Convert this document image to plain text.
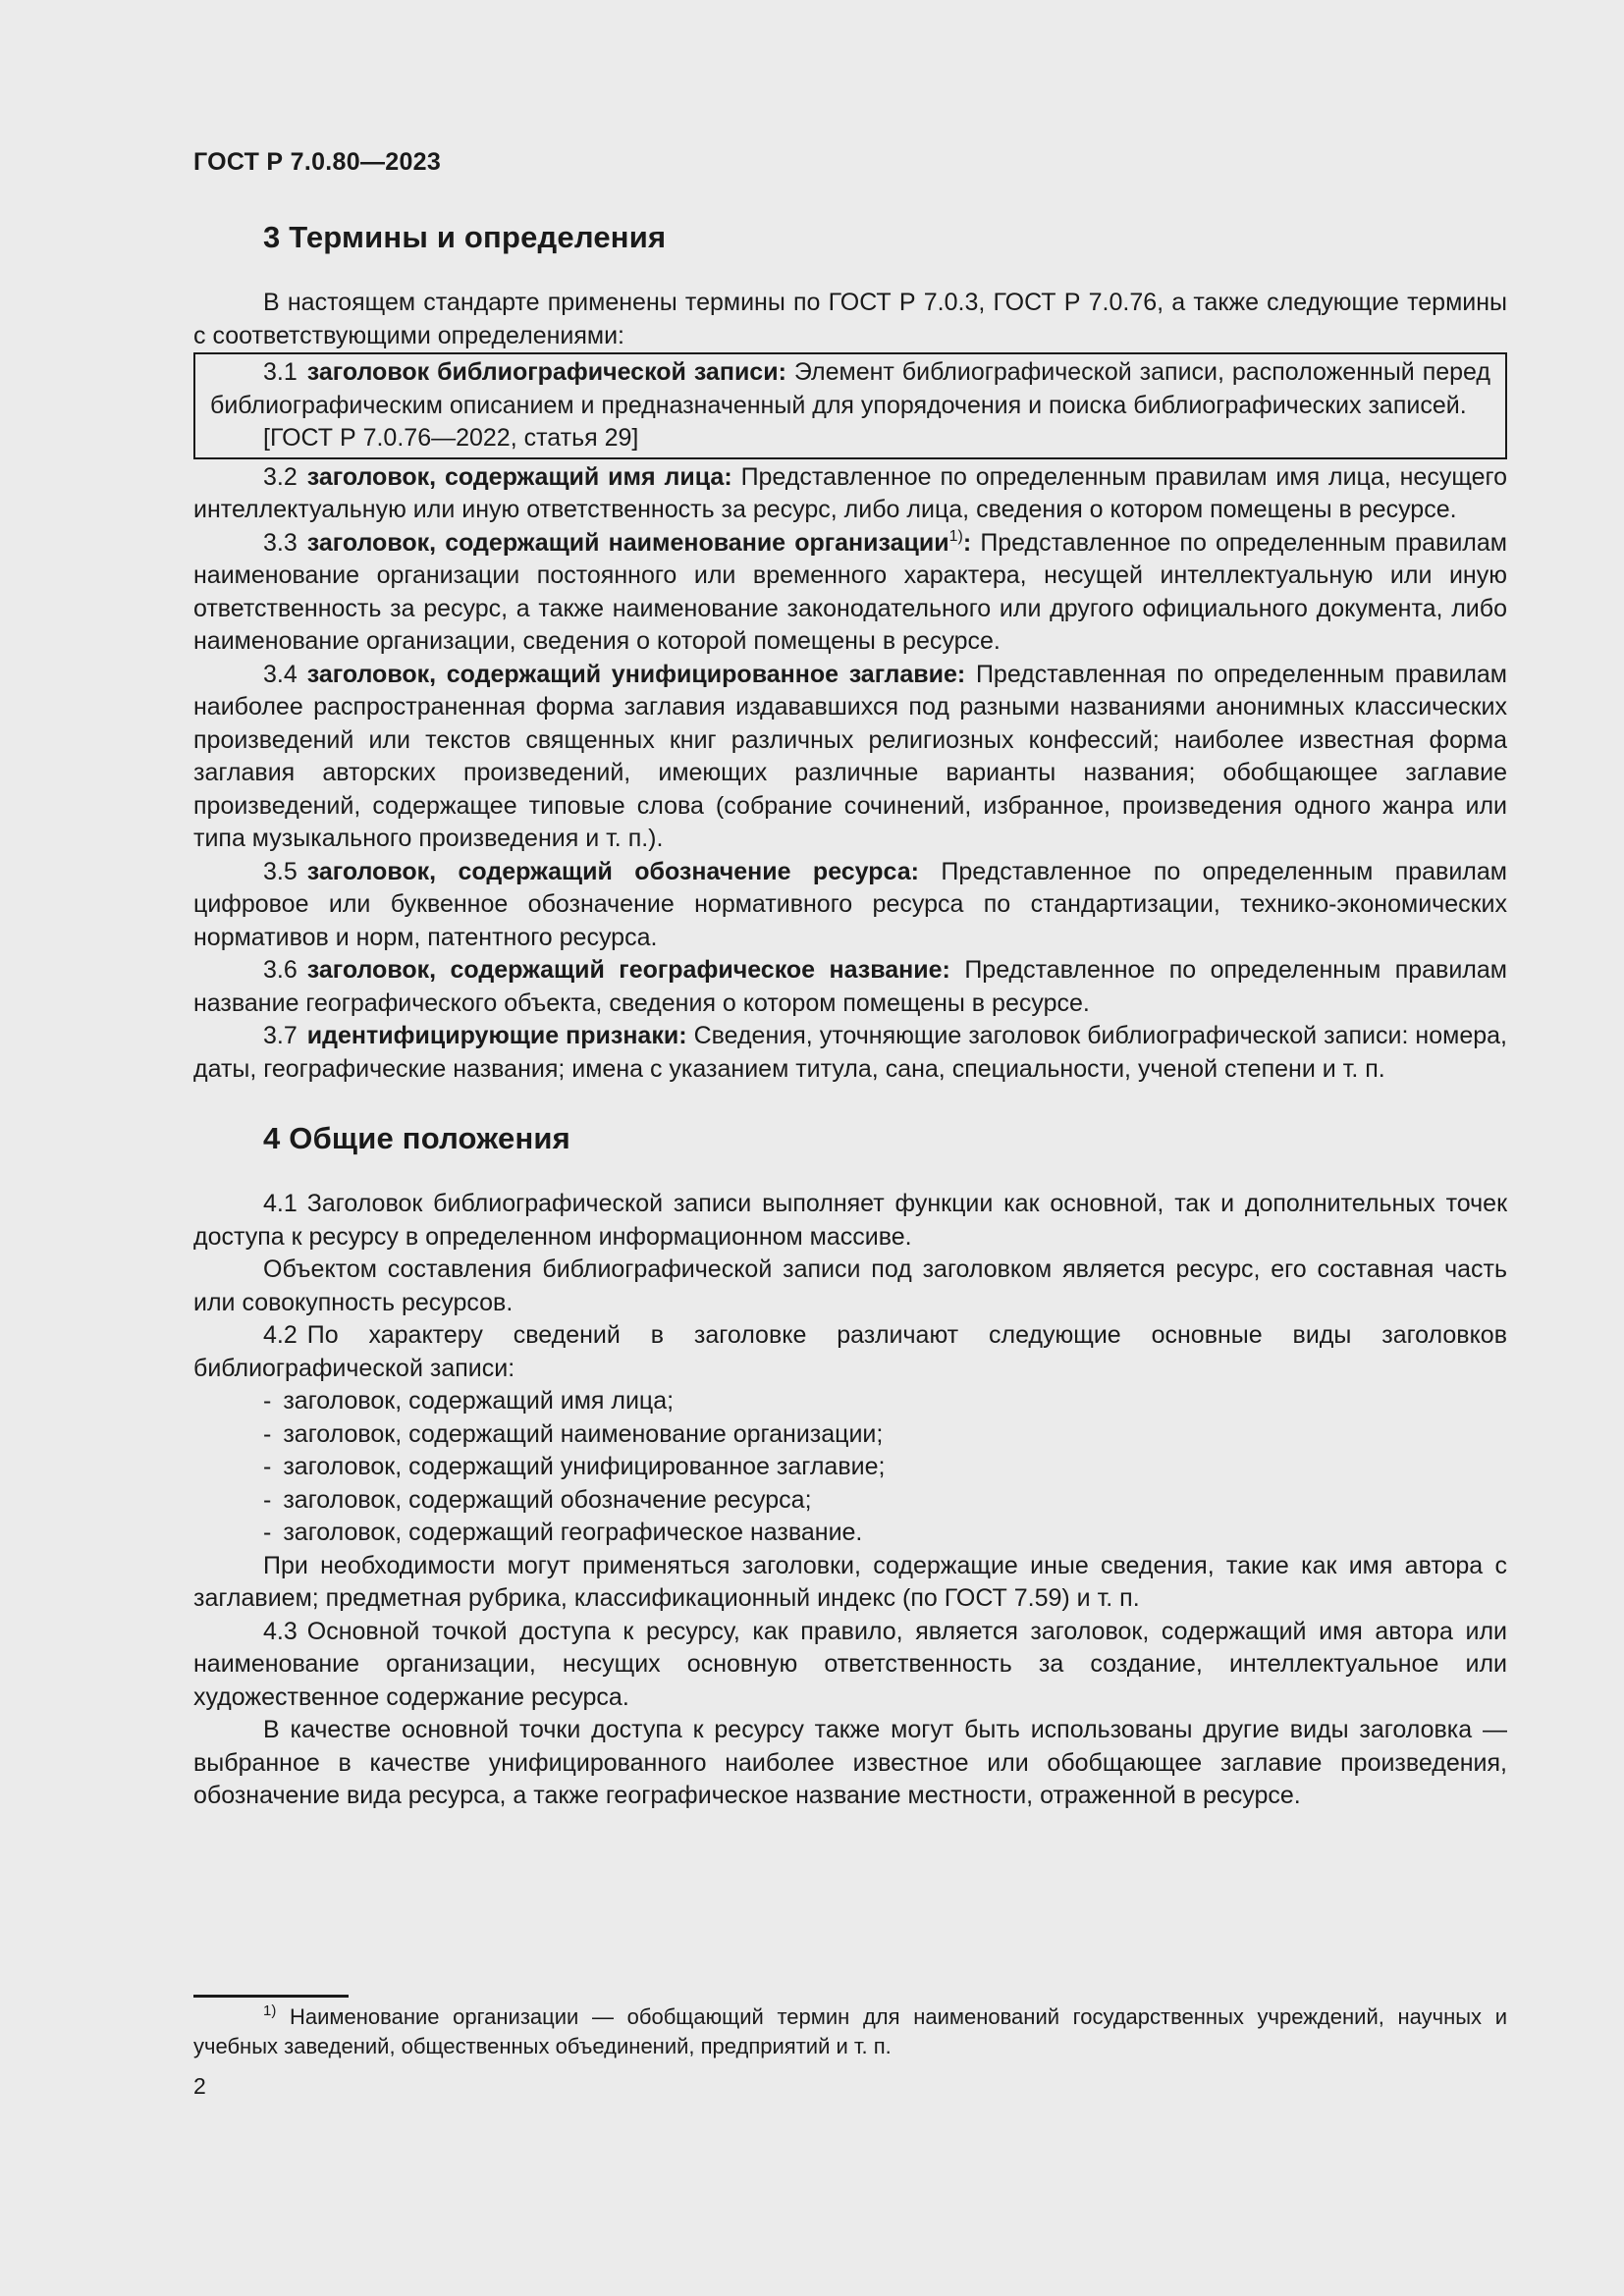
ГОСТ Р 7.0.80—2023
3 Термины и определения

В настоящем стандарте применены термины по ГОСТ Р 7.0.3, ГОСТ Р 7.0.76, а также следующие термины с соответствующими определениями:

3.1 заголовок библиографической записи: Элемент библиографической записи, расположенный перед библиографическим описанием и предназначенный для упорядочения и поиска библиографических записей.

[ГОСТ Р 7.0.76—2022, статья 29]

3.2 заголовок, содержащий имя лица: Представленное по определенным правилам имя лица, несущего интеллектуальную или иную ответственность за ресурс, либо лица, сведения о котором помещены в ресурсе.

3.3 заголовок, содержащий наименование организации$^{1)}$: Представленное по определенным правилам наименование организации постоянного или временного характера, несущей интеллектуальную или иную ответственность за ресурс, а также наименование законодательного или другого официального документа, либо наименование организации, сведения о которой помещены в ресурсе.

3.4 заголовок, содержащий унифицированное заглавие: Представленная по определенным правилам наиболее распространенная форма заглавия издававшихся под разными названиями анонимных классических произведений или текстов священных книг различных религиозных конфессий; наиболее известная форма заглавия авторских произведений, имеющих различные варианты названия; обобщающее заглавие произведений, содержащее типовые слова (собрание сочинений, избранное, произведения одного жанра или типа музыкального произведения и т. п.).

3.5 заголовок, содержащий обозначение ресурса: Представленное по определенным правилам цифровое или буквенное обозначение нормативного ресурса по стандартизации, технико-экономических нормативов и норм, патентного ресурса.

3.6 заголовок, содержащий географическое название: Представленное по определенным правилам название географического объекта, сведения о котором помещены в ресурсе.

3.7 идентифицирующие признаки: Сведения, уточняющие заголовок библиографической записи: номера, даты, географические названия; имена с указанием титула, сана, специальности, ученой степени и т. п.

4 Общие положения

4.1 Заголовок библиографической записи выполняет функции как основной, так и дополнительных точек доступа к ресурсу в определенном информационном массиве.

Объектом составления библиографической записи под заголовком является ресурс, его составная часть или совокупность ресурсов.

4.2 По характеру сведений в заголовке различают следующие основные виды заголовков библиографической записи:

- заголовок, содержащий имя лица;
- заголовок, содержащий наименование организации;
- заголовок, содержащий унифицированное заглавие;
- заголовок, содержащий обозначение ресурса;
- заголовок, содержащий географическое название.

При необходимости могут применяться заголовки, содержащие иные сведения, такие как имя автора с заглавием; предметная рубрика, классификационный индекс (по ГОСТ 7.59) и т. п.

4.3 Основной точкой доступа к ресурсу, как правило, является заголовок, содержащий имя автора или наименование организации, несущих основную ответственность за создание, интеллектуальное или художественное содержание ресурса.

В качестве основной точки доступа к ресурсу также могут быть использованы другие виды заголовка — выбранное в качестве унифицированного наиболее известное или обобщающее заглавие произведения, обозначение вида ресурса, а также географическое название местности, отраженной в ресурсе.

$^{1)}$ Наименование организации — обобщающий термин для наименований государственных учреждений, научных и учебных заведений, общественных объединений, предприятий и т. п.
2
